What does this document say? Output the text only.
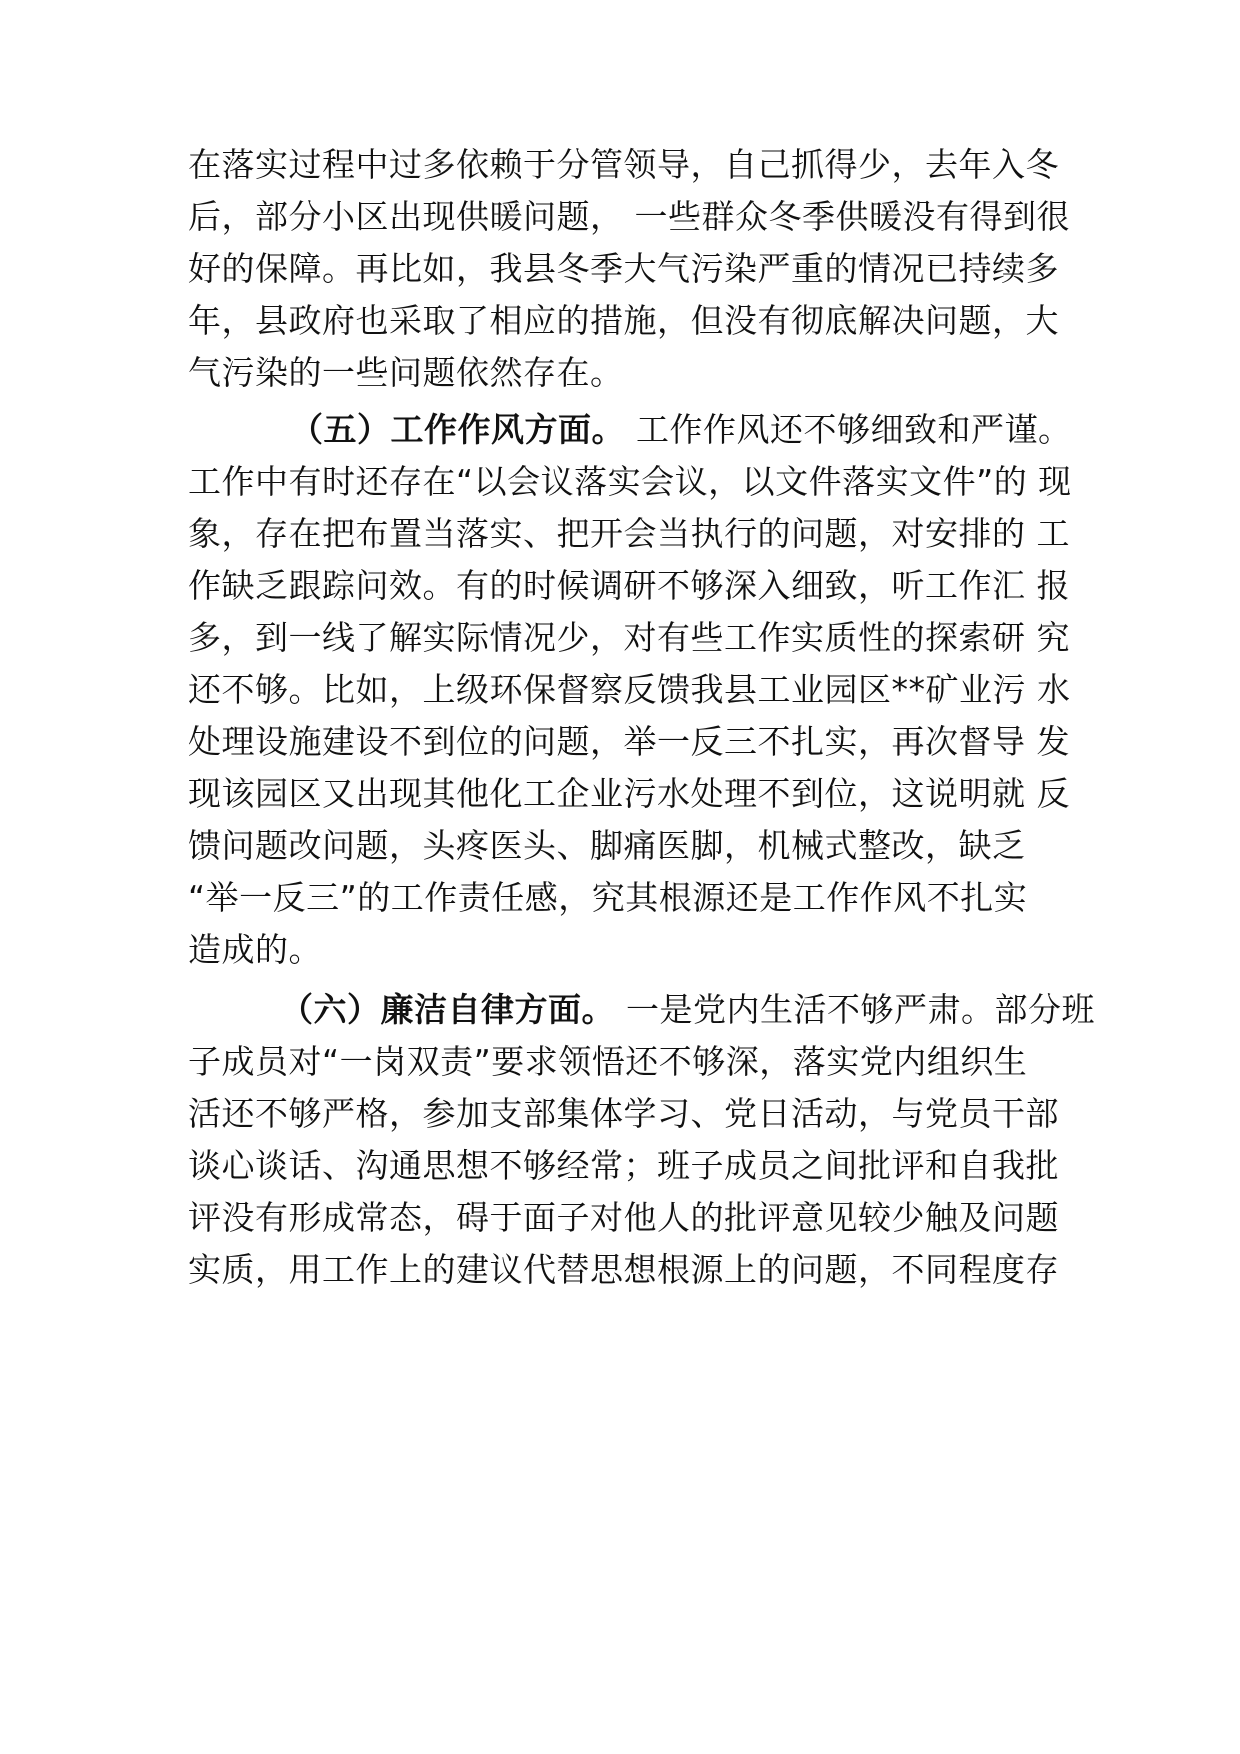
在落实过程中过多依赖于分管领导，自己抓得少，去年入冬
后，部分小区出现供暖问题， 一些群众冬季供暖没有得到很
好的保障。再比如，我县冬季大气污染严重的情况已持续多
年，县政府也采取了相应的措施，但没有彻底解决问题，大
气污染的一些问题依然存在。
（五）工作作风方面。 工作作风还不够细致和严谨。
工作中有时还存在“以会议落实会议，以文件落实文件”的 现
象，存在把布置当落实、把开会当执行的问题，对安排的 工
作缺乏跟踪问效。有的时候调研不够深入细致，听工作汇 报
多，到一线了解实际情况少，对有些工作实质性的探索研 究
还不够。比如，上级环保督察反馈我县工业园区**矿业污 水
处理设施建设不到位的问题，举一反三不扎实，再次督导 发
现该园区又出现其他化工企业污水处理不到位，这说明就 反
馈问题改问题，头疼医头、脚痛医脚，机械式整改，缺乏
“举一反三”的工作责任感，究其根源还是工作作风不扎实
造成的。
（六）廉洁自律方面。 一是党内生活不够严肃。部分班
子成员对“一岗双责”要求领悟还不够深，落实党内组织生
活还不够严格，参加支部集体学习、党日活动，与党员干部
谈心谈话、沟通思想不够经常；班子成员之间批评和自我批
评没有形成常态，碍于面子对他人的批评意见较少触及问题
实质，用工作上的建议代替思想根源上的问题，不同程度存
